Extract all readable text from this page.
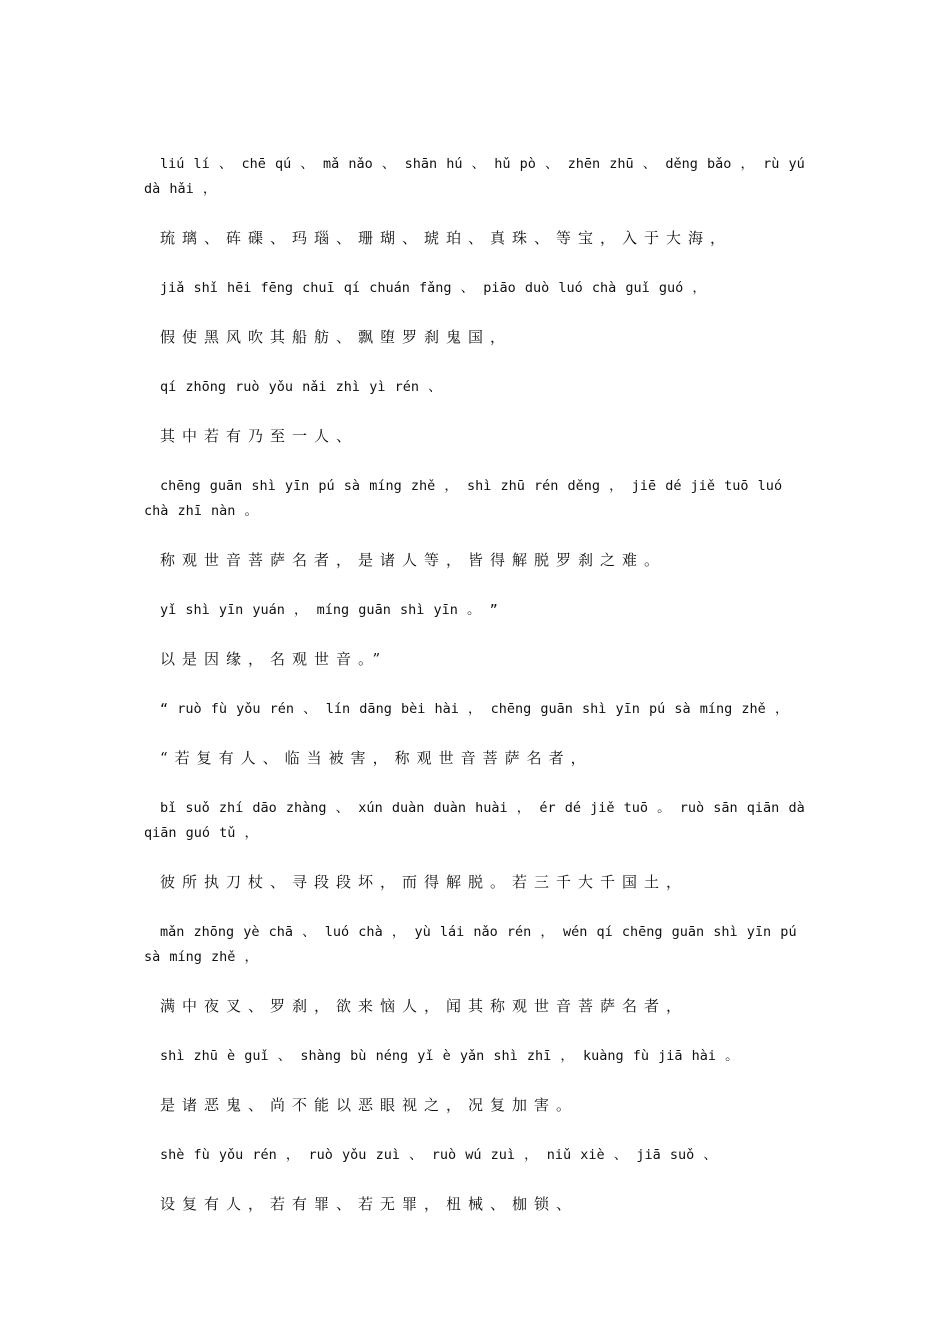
liú lí 、 chē qú 、 mǎ nǎo 、 shān hú 、 hǔ pò 、 zhēn zhū 、 děng bǎo ， rù yú dà hǎi ，

琉璃、砗磲、玛瑙、珊瑚、琥珀、真珠、等宝，入于大海，

jiǎ shǐ hēi fēng chuī qí chuán fǎng 、 piāo duò luó chà guǐ guó ，

假使黑风吹其船舫、飘堕罗刹鬼国，

qí zhōng ruò yǒu nǎi zhì yì rén 、

其中若有乃至一人、

chēng guān shì yīn pú sà míng zhě ， shì zhū rén děng ， jiē dé jiě tuō luó chà zhī nàn 。

称观世音菩萨名者，是诸人等，皆得解脱罗刹之难。

yǐ shì yīn yuán ， míng guān shì yīn 。 ”

以是因缘，名观世音。”

“ ruò fù yǒu rén 、 lín dāng bèi hài ， chēng guān shì yīn pú sà míng zhě ，

“若复有人、临当被害，称观世音菩萨名者，

bǐ suǒ zhí dāo zhàng 、 xún duàn duàn huài ， ér dé jiě tuō 。 ruò sān qiān dà qiān guó tǔ ，

彼所执刀杖、寻段段坏，而得解脱。若三千大千国土，

mǎn zhōng yè chā 、 luó chà ， yù lái nǎo rén ， wén qí chēng guān shì yīn pú sà míng zhě ，

满中夜叉、罗刹，欲来恼人，闻其称观世音菩萨名者，

shì zhū è guǐ 、 shàng bù néng yǐ è yǎn shì zhī ， kuàng fù jiā hài 。

是诸恶鬼、尚不能以恶眼视之，况复加害。

shè fù yǒu rén ， ruò yǒu zuì 、 ruò wú zuì ， niǔ xiè 、 jiā suǒ 、

设复有人，若有罪、若无罪，杻械、枷锁、
